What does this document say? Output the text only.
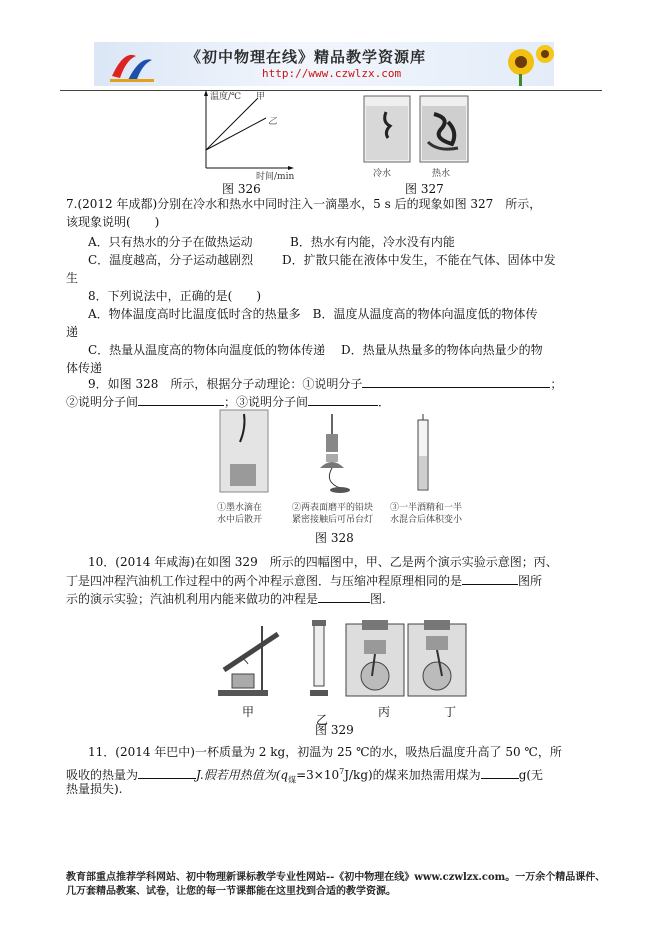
《初中物理在线》精品教学资源库
http://www.czwlzx.com
温度/℃ 甲
乙
时间/min
图 326
冷水	热水
图 327
7.(2012 年成都)分别在冷水和热水中同时注入一滴墨水，5 s 后的现象如图 327　所示，
该现象说明(　　)
A．只有热水的分子在做热运动	B．热水有内能，冷水没有内能
C．温度越高，分子运动越剧烈 D．扩散只能在液体中发生，不能在气体、固体中发
生
8．下列说法中，正确的是(　　)
A．物体温度高时比温度低时含的热量多　B．温度从温度高的物体向温度低的物体传
递
C．热量从温度高的物体向温度低的物体传递　 D．热量从热量多的物体向热量少的物
体传递
9．如图 328　所示，根据分子动理论：①说明分子	；
②说明分子间	；③说明分子间	．
①墨水滴在
水中后散开
②两表面磨平的铅块
紧密接触后可吊台灯
③一半酒精和一半
水混合后体积变小
图 328
10．(2014 年咸海)在如图 329　所示的四幅图中，甲、乙是两个演示实验示意图；丙、
丁是四冲程汽油机工作过程中的两个冲程示意图．与压缩冲程原理相同的是	图所
示的演示实验；汽油机利用内能来做功的冲程是	图.
甲
乙
丙	丁
图 329
11．(2014 年巴中)一杯质量为 2 kg，初温为 25 ℃的水，吸热后温度升高了 50 ℃，所
吸收的热量为	J.假若用热值为$(q_煤=3\times 10^7J/kg)$的煤来加热需用煤为	g(无
热量损失).
教育部重点推荐学科网站、初中物理新课标教学专业性网站--《初中物理在线》www.czwlzx.com。一万余个精品课件、
几万套精品教案、试卷，让您的每一节课都能在这里找到合适的教学资源。
